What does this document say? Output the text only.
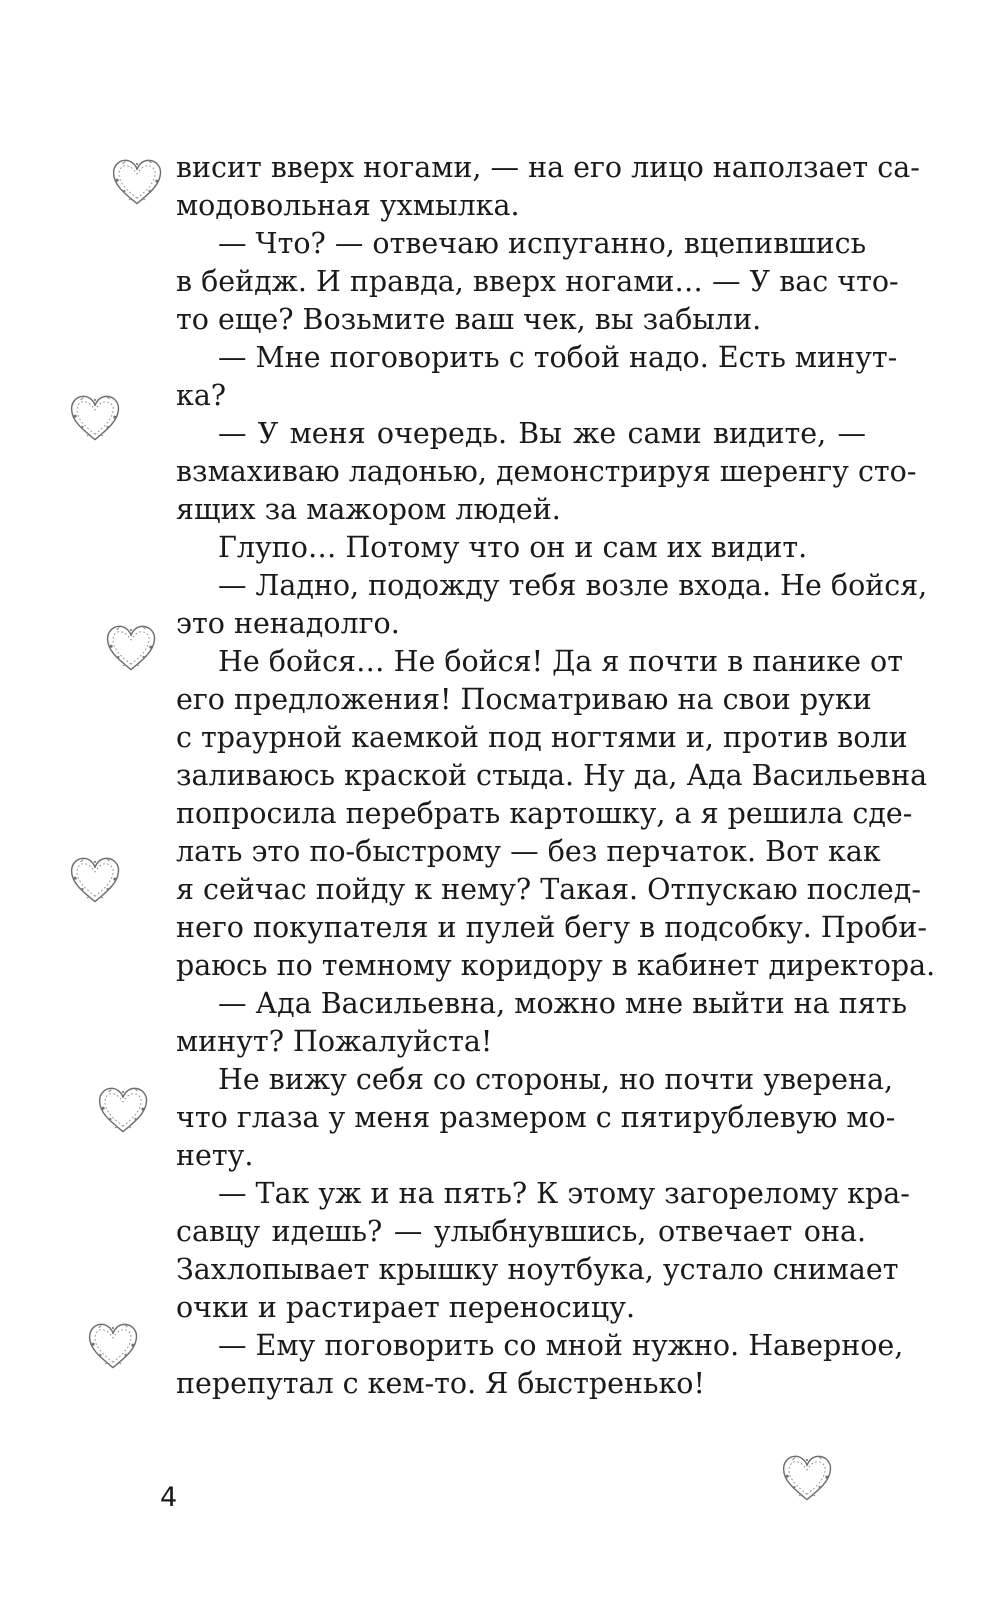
висит вверх ногами, — на его лицо наползает са-
модовольная ухмылка.
— Что? — отвечаю испуганно, вцепившись
в бейдж. И правда, вверх ногами… — У вас что-
то еще? Возьмите ваш чек, вы забыли.
— Мне поговорить с тобой надо. Есть минут-
ка?
— У меня очередь. Вы же сами видите, —
взмахиваю ладонью, демонстрируя шеренгу сто-
ящих за мажором людей.
Глупо… Потому что он и сам их видит.
— Ладно, подожду тебя возле входа. Не бойся,
это ненадолго.
Не бойся… Не бойся! Да я почти в панике от
его предложения! Посматриваю на свои руки
с траурной каемкой под ногтями и, против воли
заливаюсь краской стыда. Ну да, Ада Васильевна
попросила перебрать картошку, а я решила сде-
лать это по-быстрому — без перчаток. Вот как
я сейчас пойду к нему? Такая. Отпускаю послед-
него покупателя и пулей бегу в подсобку. Проби-
раюсь по темному коридору в кабинет директора.
— Ада Васильевна, можно мне выйти на пять
минут? Пожалуйста!
Не вижу себя со стороны, но почти уверена,
что глаза у меня размером с пятирублевую мо-
нету.
— Так уж и на пять? К этому загорелому кра-
савцу идешь? — улыбнувшись, отвечает она.
Захлопывает крышку ноутбука, устало снимает
очки и растирает переносицу.
— Ему поговорить со мной нужно. Наверное,
перепутал с кем-то. Я быстренько!
4
